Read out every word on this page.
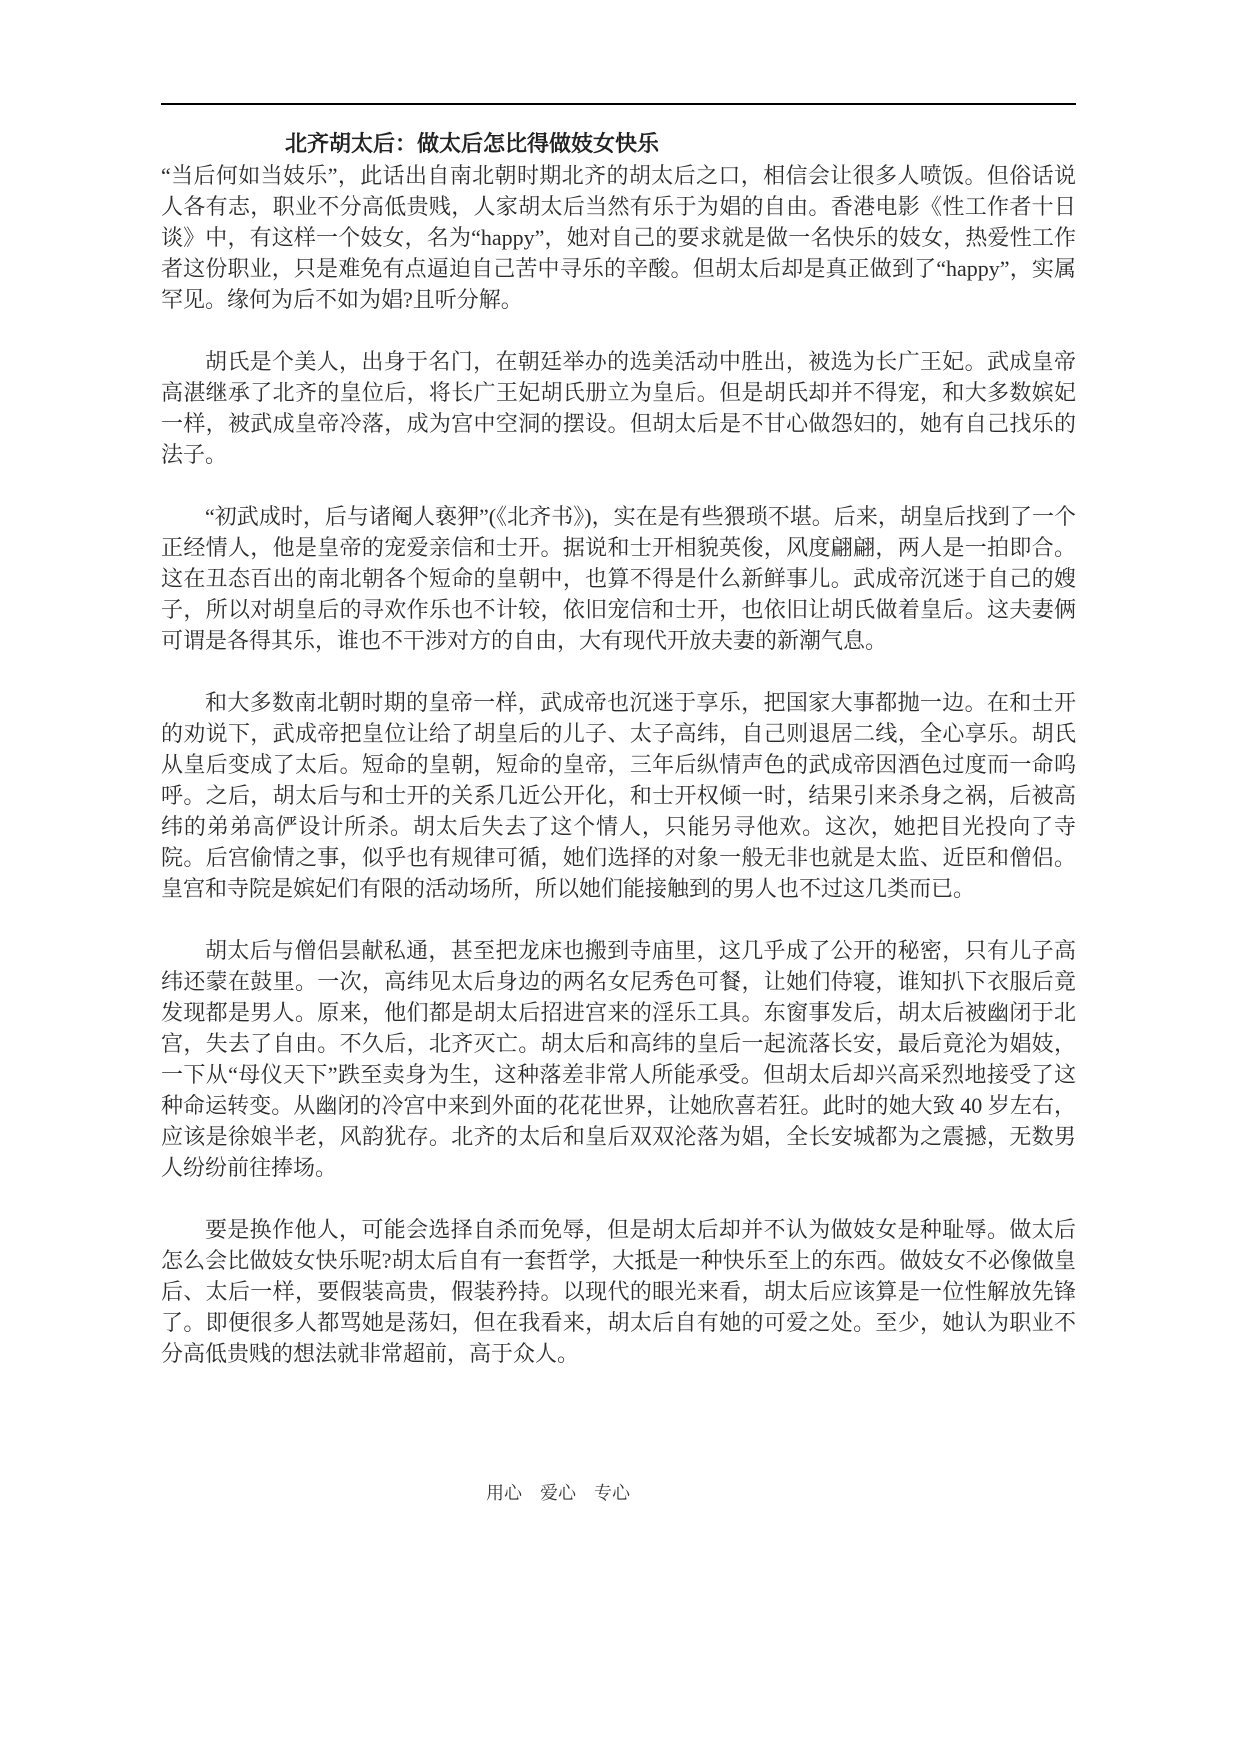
北齐胡太后：做太后怎比得做妓女快乐

“当后何如当妓乐”，此话出自南北朝时期北齐的胡太后之口，相信会让很多人喷饭。但俗话说人各有志，职业不分高低贵贱，人家胡太后当然有乐于为娼的自由。香港电影《性工作者十日谈》中，有这样一个妓女，名为“happy”，她对自己的要求就是做一名快乐的妓女，热爱性工作者这份职业，只是难免有点逼迫自己苦中寻乐的辛酸。但胡太后却是真正做到了“happy”，实属罕见。缘何为后不如为娼?且听分解。

胡氏是个美人，出身于名门，在朝廷举办的选美活动中胜出，被选为长广王妃。武成皇帝高湛继承了北齐的皇位后，将长广王妃胡氏册立为皇后。但是胡氏却并不得宠，和大多数嫔妃一样，被武成皇帝冷落，成为宫中空洞的摆设。但胡太后是不甘心做怨妇的，她有自己找乐的法子。

“初武成时，后与诸阉人亵狎”(《北齐书》)，实在是有些猥琐不堪。后来，胡皇后找到了一个正经情人，他是皇帝的宠爱亲信和士开。据说和士开相貌英俊，风度翩翩，两人是一拍即合。这在丑态百出的南北朝各个短命的皇朝中，也算不得是什么新鲜事儿。武成帝沉迷于自己的嫂子，所以对胡皇后的寻欢作乐也不计较，依旧宠信和士开，也依旧让胡氏做着皇后。这夫妻俩可谓是各得其乐，谁也不干涉对方的自由，大有现代开放夫妻的新潮气息。

和大多数南北朝时期的皇帝一样，武成帝也沉迷于享乐，把国家大事都抛一边。在和士开的劝说下，武成帝把皇位让给了胡皇后的儿子、太子高纬，自己则退居二线，全心享乐。胡氏从皇后变成了太后。短命的皇朝，短命的皇帝，三年后纵情声色的武成帝因酒色过度而一命呜呼。之后，胡太后与和士开的关系几近公开化，和士开权倾一时，结果引来杀身之祸，后被高纬的弟弟高俨设计所杀。胡太后失去了这个情人，只能另寻他欢。这次，她把目光投向了寺院。后宫偷情之事，似乎也有规律可循，她们选择的对象一般无非也就是太监、近臣和僧侣。皇宫和寺院是嫔妃们有限的活动场所，所以她们能接触到的男人也不过这几类而已。

胡太后与僧侣昙献私通，甚至把龙床也搬到寺庙里，这几乎成了公开的秘密，只有儿子高纬还蒙在鼓里。一次，高纬见太后身边的两名女尼秀色可餐，让她们侍寝，谁知扒下衣服后竟发现都是男人。原来，他们都是胡太后招进宫来的淫乐工具。东窗事发后，胡太后被幽闭于北宫，失去了自由。不久后，北齐灭亡。胡太后和高纬的皇后一起流落长安，最后竟沦为娼妓，一下从“母仪天下”跌至卖身为生，这种落差非常人所能承受。但胡太后却兴高采烈地接受了这种命运转变。从幽闭的冷宫中来到外面的花花世界，让她欣喜若狂。此时的她大致 40 岁左右，应该是徐娘半老，风韵犹存。北齐的太后和皇后双双沦落为娼，全长安城都为之震撼，无数男人纷纷前往捧场。

要是换作他人，可能会选择自杀而免辱，但是胡太后却并不认为做妓女是种耻辱。做太后怎么会比做妓女快乐呢?胡太后自有一套哲学，大抵是一种快乐至上的东西。做妓女不必像做皇后、太后一样，要假装高贵，假装矜持。以现代的眼光来看，胡太后应该算是一位性解放先锋了。即便很多人都骂她是荡妇，但在我看来，胡太后自有她的可爱之处。至少，她认为职业不分高低贵贱的想法就非常超前，高于众人。

用心　爱心　专心
